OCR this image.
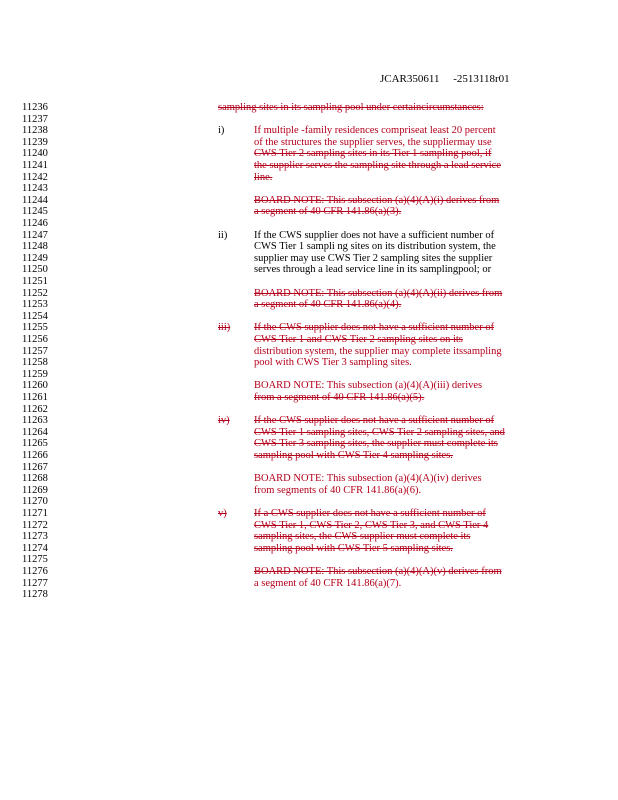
JCAR350611     -2513118r01
11236
11237
11238
11239
11240
11241
11242
11243
11244
11245
11246
11247
11248
11249
11250
11251
11252
11253
11254
11255
11256
11257
11258
11259
11260
11261
11262
11263
11264
11265
11266
11267
11268
11269
11270
11271
11272
11273
11274
11275
11276
11277
11278
sampling sites in its sampling pool under certaincircumstances:
i)	If multiple -family residences compriseat least 20 percent
of the structures the supplier serves, the suppliermay use
CWS Tier 2 sampling sites in its Tier 1 sampling pool, if
the supplier serves the sampling site through a lead service
line.
BOARD NOTE: This subsection (a)(4)(A)(i) derives from
a segment of 40 CFR 141.86(a)(3).
ii)	If the CWS supplier does not have a sufficient number of
CWS Tier 1 sampli ng sites on its distribution system, the
supplier may use CWS Tier 2 sampling sites the supplier
serves through a lead service line in its samplingpool; or
BOARD NOTE: This subsection (a)(4)(A)(ii) derives from
a segment of 40 CFR 141.86(a)(4).
iii) If the CWS supplier does not have a sufficient number of
CWS Tier 1 and CWS Tier 2 sampling sites on its
distribution system, the supplier may complete itssampling
pool with CWS Tier 3 sampling sites.
BOARD NOTE: This subsection (a)(4)(A)(iii) derives
from a segment of 40 CFR 141.86(a)(5).
iv) If the CWS supplier does not have a sufficient number of
CWS Tier 1 sampling sites, CWS Tier 2 sampling sites, and
CWS Tier 3 sampling sites, the supplier must complete its
sampling pool with CWS Tier 4 sampling sites.
BOARD NOTE: This subsection (a)(4)(A)(iv) derives
from segments of 40 CFR 141.86(a)(6).
v)	If a CWS supplier does not have a sufficient number of
CWS Tier 1, CWS Tier 2, CWS Tier 3, and CWS Tier 4
sampling sites, the CWS supplier must complete its
sampling pool with CWS Tier 5 sampling sites.
BOARD NOTE: This subsection (a)(4)(A)(v) derives from
a segment of 40 CFR 141.86(a)(7).
